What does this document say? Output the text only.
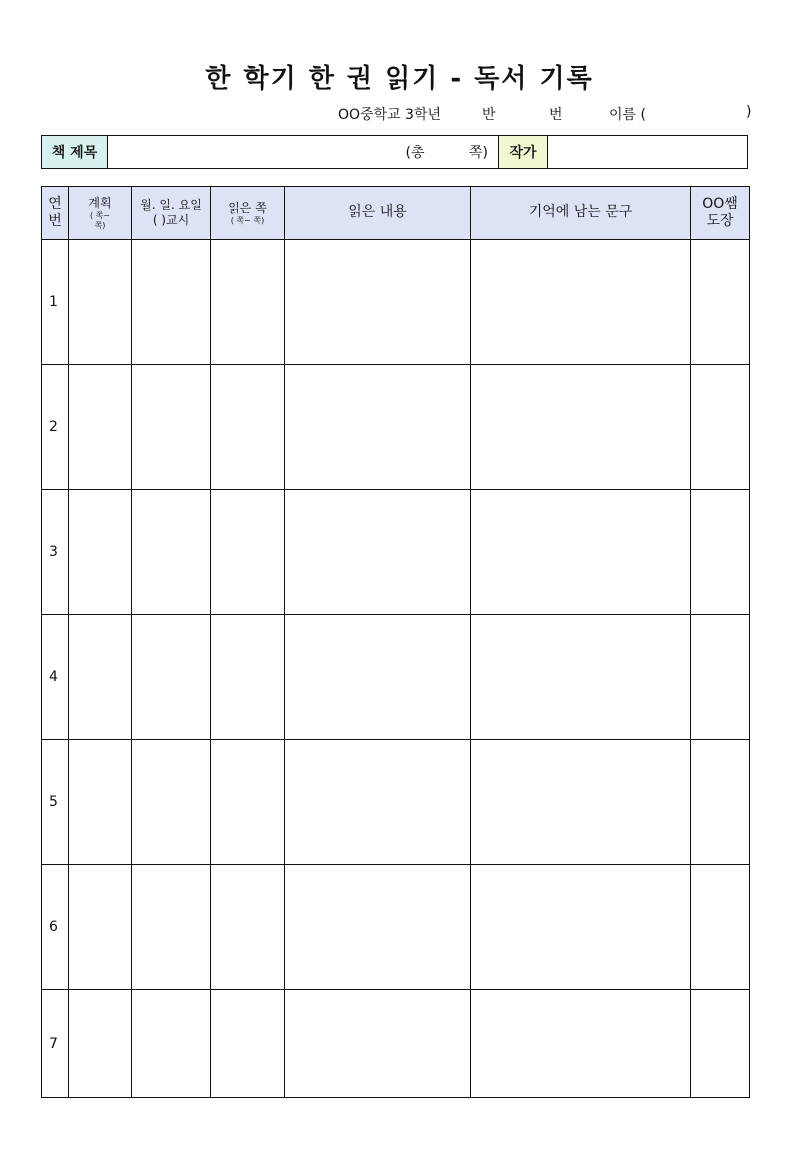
한 학기 한 권 읽기 - 독서 기록
OO중학교 3학년	반	번	이름 (	)
책 제목	(총          쪽)	작가
연
번	계획
( 쪽~
쪽)	월. 일. 요일
( )교시	읽은 쪽
( 쪽~ 쪽)	읽은 내용	기억에 남는 문구	OO쌤
도장
1						
2						
3						
4						
5						
6						
7						
